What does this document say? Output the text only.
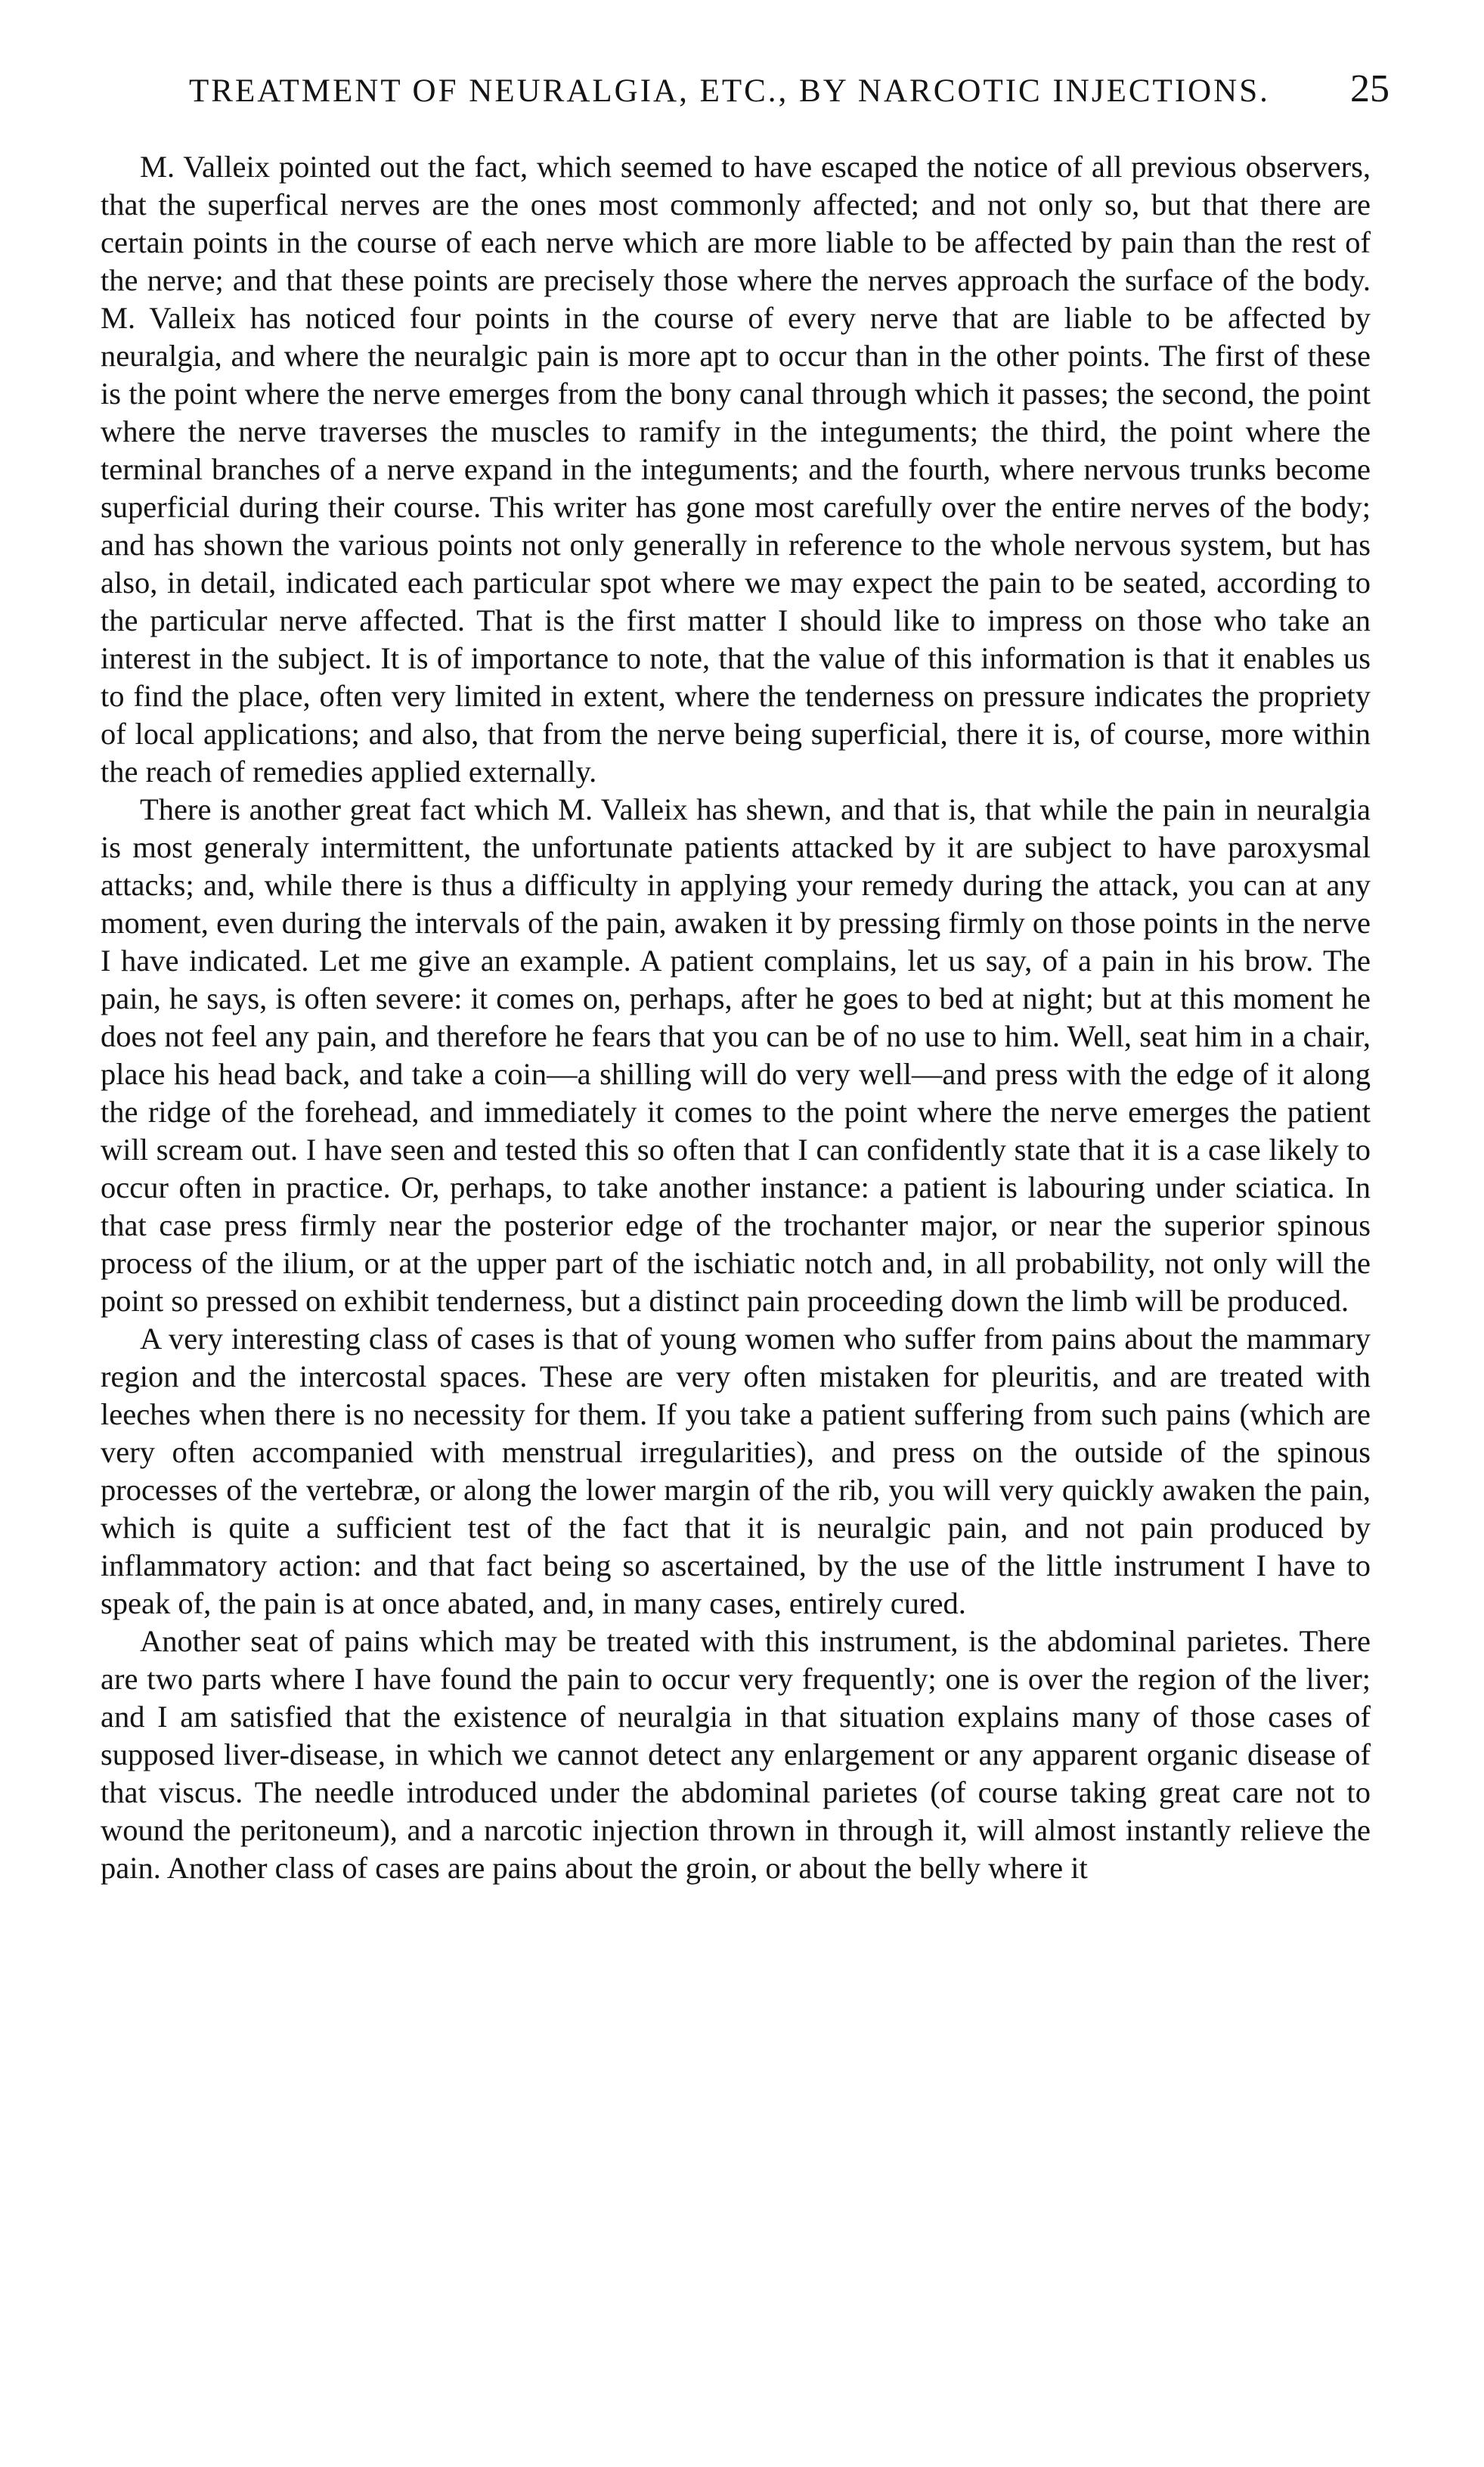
TREATMENT OF NEURALGIA, ETC., BY NARCOTIC INJECTIONS. 25

M. Valleix pointed out the fact, which seemed to have escaped the notice of all previous observers, that the superfical nerves are the ones most commonly affected; and not only so, but that there are certain points in the course of each nerve which are more liable to be affected by pain than the rest of the nerve; and that these points are precisely those where the nerves approach the surface of the body. M. Valleix has noticed four points in the course of every nerve that are liable to be affected by neuralgia, and where the neuralgic pain is more apt to occur than in the other points. The first of these is the point where the nerve emerges from the bony canal through which it passes; the second, the point where the nerve traverses the muscles to ramify in the integuments; the third, the point where the terminal branches of a nerve expand in the integuments; and the fourth, where nervous trunks become superficial during their course. This writer has gone most carefully over the entire nerves of the body; and has shown the various points not only generally in reference to the whole nervous system, but has also, in detail, indicated each particular spot where we may expect the pain to be seated, according to the particular nerve affected. That is the first matter I should like to impress on those who take an interest in the subject. It is of importance to note, that the value of this information is that it enables us to find the place, often very limited in extent, where the tenderness on pressure indicates the propriety of local applications; and also, that from the nerve being superficial, there it is, of course, more within the reach of remedies applied externally.

There is another great fact which M. Valleix has shewn, and that is, that while the pain in neuralgia is most generaly intermittent, the unfortunate patients attacked by it are subject to have paroxysmal attacks; and, while there is thus a difficulty in applying your remedy during the attack, you can at any moment, even during the intervals of the pain, awaken it by pressing firmly on those points in the nerve I have indicated. Let me give an example. A patient complains, let us say, of a pain in his brow. The pain, he says, is often severe: it comes on, perhaps, after he goes to bed at night; but at this moment he does not feel any pain, and therefore he fears that you can be of no use to him. Well, seat him in a chair, place his head back, and take a coin—a shilling will do very well—and press with the edge of it along the ridge of the forehead, and immediately it comes to the point where the nerve emerges the patient will scream out. I have seen and tested this so often that I can confidently state that it is a case likely to occur often in practice. Or, perhaps, to take another instance: a patient is labouring under sciatica. In that case press firmly near the posterior edge of the trochanter major, or near the superior spinous process of the ilium, or at the upper part of the ischiatic notch and, in all probability, not only will the point so pressed on exhibit tenderness, but a distinct pain proceeding down the limb will be produced.

A very interesting class of cases is that of young women who suffer from pains about the mammary region and the intercostal spaces. These are very often mistaken for pleuritis, and are treated with leeches when there is no necessity for them. If you take a patient suffering from such pains (which are very often accompanied with menstrual irregularities), and press on the outside of the spinous processes of the vertebræ, or along the lower margin of the rib, you will very quickly awaken the pain, which is quite a sufficient test of the fact that it is neuralgic pain, and not pain produced by inflammatory action: and that fact being so ascertained, by the use of the little instrument I have to speak of, the pain is at once abated, and, in many cases, entirely cured.

Another seat of pains which may be treated with this instrument, is the abdominal parietes. There are two parts where I have found the pain to occur very frequently; one is over the region of the liver; and I am satisfied that the existence of neuralgia in that situation explains many of those cases of supposed liver-disease, in which we cannot detect any enlargement or any apparent organic disease of that viscus. The needle introduced under the abdominal parietes (of course taking great care not to wound the peritoneum), and a narcotic injection thrown in through it, will almost instantly relieve the pain. Another class of cases are pains about the groin, or about the belly where it
